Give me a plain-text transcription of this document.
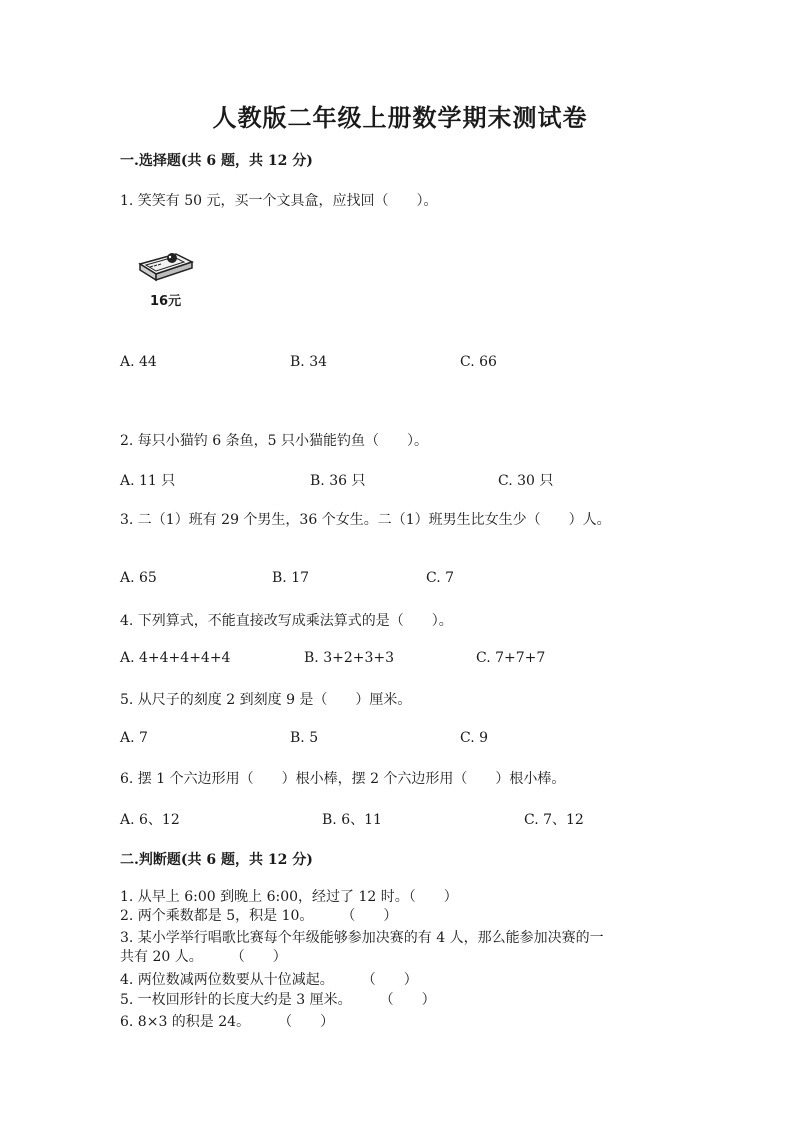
人教版二年级上册数学期末测试卷
一.选择题(共 6 题，共 12 分)
1. 笑笑有 50 元，买一个文具盒，应找回（　　）。
16元
A. 44	B. 34	C. 66
2. 每只小猫钓 6 条鱼，5 只小猫能钓鱼（　　）。
A. 11 只	B. 36 只	C. 30 只
3. 二（1）班有 29 个男生，36 个女生。二（1）班男生比女生少（　　）人。
A. 65	B. 17	C. 7
4. 下列算式，不能直接改写成乘法算式的是（　　）。
A. 4+4+4+4+4	B. 3+2+3+3	C. 7+7+7
5. 从尺子的刻度 2 到刻度 9 是（　　）厘米。
A. 7	B. 5	C. 9
6. 摆 1 个六边形用（　　）根小棒，摆 2 个六边形用（　　）根小棒。
A. 6、12	B. 6、11	C. 7、12
二.判断题(共 6 题，共 12 分)
1. 从早上 6:00 到晚上 6:00，经过了 12 时。（　　）
2. 两个乘数都是 5，积是 10。　　　（　　）
3. 某小学举行唱歌比赛每个年级能够参加决赛的有 4 人，那么能参加决赛的一
共有 20 人。　　　（　　）
4. 两位数减两位数要从十位减起。　　　（　　）
5. 一枚回形针的长度大约是 3 厘米。　　　（　　）
6. 8×3 的积是 24。　　　（　　）
